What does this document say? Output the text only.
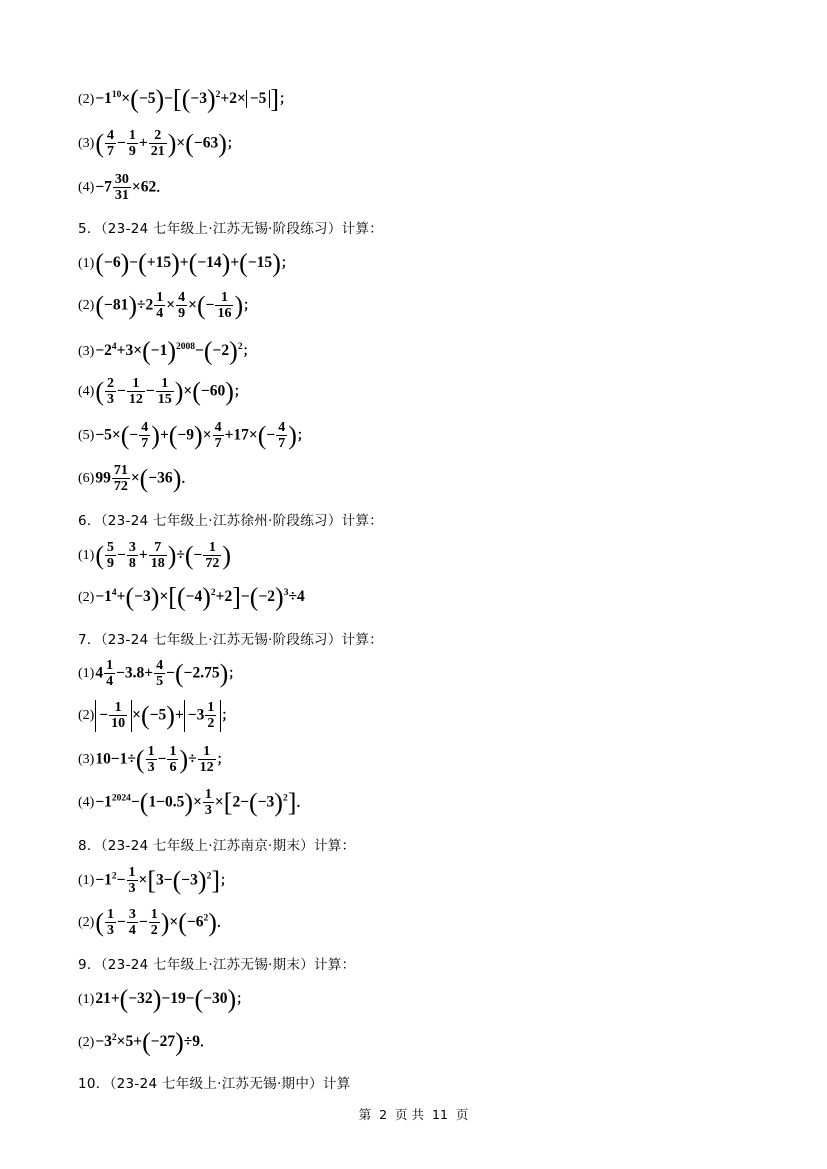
$(2)-1^{10}\times(-5)-[(-3)^2+2\times -5$ ]；
$(3)( \frac{4}{7} - \frac{1}{9} + \frac{2}{21} )\times(-63)$；
$(4)-7 \frac{30}{31} \times 62$．
5．（23-24 七年级上·江苏无锡·阶段练习）计算：
(1)(−6)−(+15)+(−14)+(−15)；
$(2)(-81)\div 2 \frac{1}{4} \times \frac{4}{9}$ ×(− $\frac{1}{16}$ )；
$(3)-2^4+3\times(-1)^{2008}-(-2)^2$；
$(4)( \frac{2}{3} - \frac{1}{12} - \frac{1}{15} )\times(-60)$；
$(5)-5\times(- \frac{4}{7} )+(-9)\times \frac{4}{7} +17\times(- \frac{4}{7}$ )；
$(6)99 \frac{71}{72} \times(-36)$．
6．（23-24 七年级上·江苏徐州·阶段练习）计算：
$(1)( \frac{5}{9} - \frac{3}{8} + \frac{7}{18}$ )÷(− $\frac{1}{72}$ )
$(2)-1^4+(-3)\times[(-4)^2+2]-(-2)^3\div 4$
7．（23-24 七年级上·江苏无锡·阶段练习）计算：
$(1)4 \frac{1}{4} -3.8+ \frac{4}{5} -(-2.75)$；
$(2) - \frac{1}{10} \times(-5)+ -3 \frac{1}{2}$ ；
$(3)10-1\div( \frac{1}{3} - \frac{1}{6}$ )÷ $\frac{1}{12}$ ；
$(4)-1^{2024}-(1-0.5)\times \frac{1}{3} \times[2-(-3)^2]$．
8．（23-24 七年级上·江苏南京·期末）计算：
$(1)-1^2- \frac{1}{3} \times[3-(-3)^2]$；
$(2)( \frac{1}{3} - \frac{3}{4} - \frac{1}{2} )\times(-6^2)$．
9．（23-24 七年级上·江苏无锡·期末）计算：
(1)21+(−32)−19−(−30)；
$(2)-3^2\times 5+(-27)\div 9$．
10．（23-24 七年级上·江苏无锡·期中）计算
第 2 页 共 11 页
